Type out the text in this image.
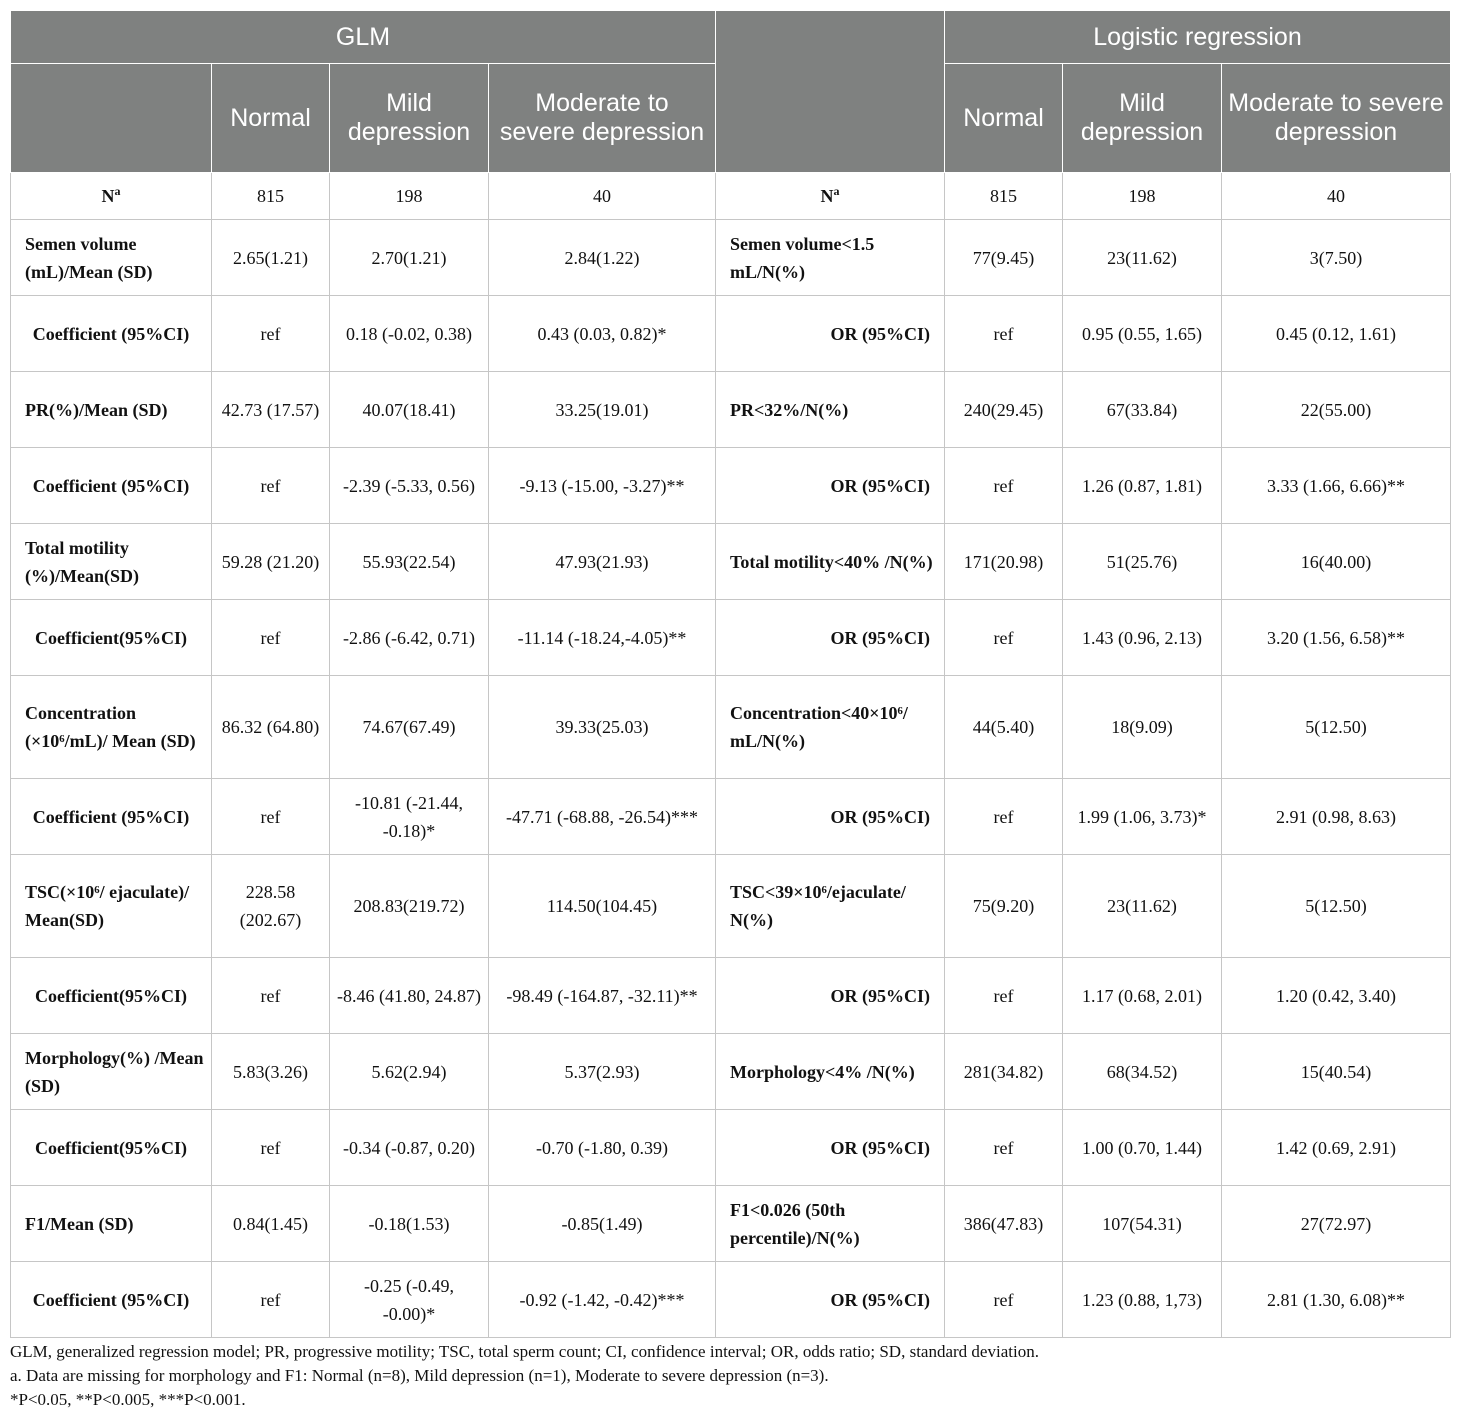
GLM					Logistic regression		
	Normal	Mild depression	Moderate to severe depression		Normal	Mild depression	Moderate to severe depression
$N^a$	815	198	40	$N^a$	815	198	40
Semen volume (mL)/Mean (SD)	2.65(1.21)	2.70(1.21)	2.84(1.22)	Semen volume<1.5 mL/N(%)	77(9.45)	23(11.62)	3(7.50)
Coefficient (95%CI)	ref	0.18 (-0.02, 0.38)	0.43 (0.03, 0.82)*	OR (95%CI)	ref	0.95 (0.55, 1.65)	0.45 (0.12, 1.61)
PR(%)/Mean (SD)	42.73 (17.57)	40.07(18.41)	33.25(19.01)	PR<32%/N(%)	240(29.45)	67(33.84)	22(55.00)
Coefficient (95%CI)	ref	-2.39 (-5.33, 0.56)	-9.13 (-15.00, -3.27)**	OR (95%CI)	ref	1.26 (0.87, 1.81)	3.33 (1.66, 6.66)**
Total motility (%)/Mean(SD)	59.28 (21.20)	55.93(22.54)	47.93(21.93)	Total motility<40% /N(%)	171(20.98)	51(25.76)	16(40.00)
Coefficient(95%CI)	ref	-2.86 (-6.42, 0.71)	-11.14 (-18.24,-4.05)**	OR (95%CI)	ref	1.43 (0.96, 2.13)	3.20 (1.56, 6.58)**
Concentration (×10⁶/mL)/ Mean (SD)	86.32 (64.80)	74.67(67.49)	39.33(25.03)	Concentration<40×10⁶/ mL/N(%)	44(5.40)	18(9.09)	5(12.50)
Coefficient (95%CI)	ref	-10.81 (-21.44, -0.18)*	-47.71 (-68.88, -26.54)***	OR (95%CI)	ref	1.99 (1.06, 3.73)*	2.91 (0.98, 8.63)
TSC(×10⁶/ ejaculate)/ Mean(SD)	228.58 (202.67)	208.83(219.72)	114.50(104.45)	TSC<39×10⁶/ejaculate/ N(%)	75(9.20)	23(11.62)	5(12.50)
Coefficient(95%CI)	ref	-8.46 (41.80, 24.87)	-98.49 (-164.87, -32.11)**	OR (95%CI)	ref	1.17 (0.68, 2.01)	1.20 (0.42, 3.40)
Morphology(%) /Mean (SD)	5.83(3.26)	5.62(2.94)	5.37(2.93)	Morphology<4% /N(%)	281(34.82)	68(34.52)	15(40.54)
Coefficient(95%CI)	ref	-0.34 (-0.87, 0.20)	-0.70 (-1.80, 0.39)	OR (95%CI)	ref	1.00 (0.70, 1.44)	1.42 (0.69, 2.91)
F1/Mean (SD)	0.84(1.45)	-0.18(1.53)	-0.85(1.49)	F1<0.026 (50th percentile)/N(%)	386(47.83)	107(54.31)	27(72.97)
Coefficient (95%CI)	ref	-0.25 (-0.49, -0.00)*	-0.92 (-1.42, -0.42)***	OR (95%CI)	ref	1.23 (0.88, 1,73)	2.81 (1.30, 6.08)**
GLM, generalized regression model; PR, progressive motility; TSC, total sperm count; CI, confidence interval; OR, odds ratio; SD, standard deviation.
a. Data are missing for morphology and F1: Normal (n=8), Mild depression (n=1), Moderate to severe depression (n=3).
*P<0.05, **P<0.005, ***P<0.001.
